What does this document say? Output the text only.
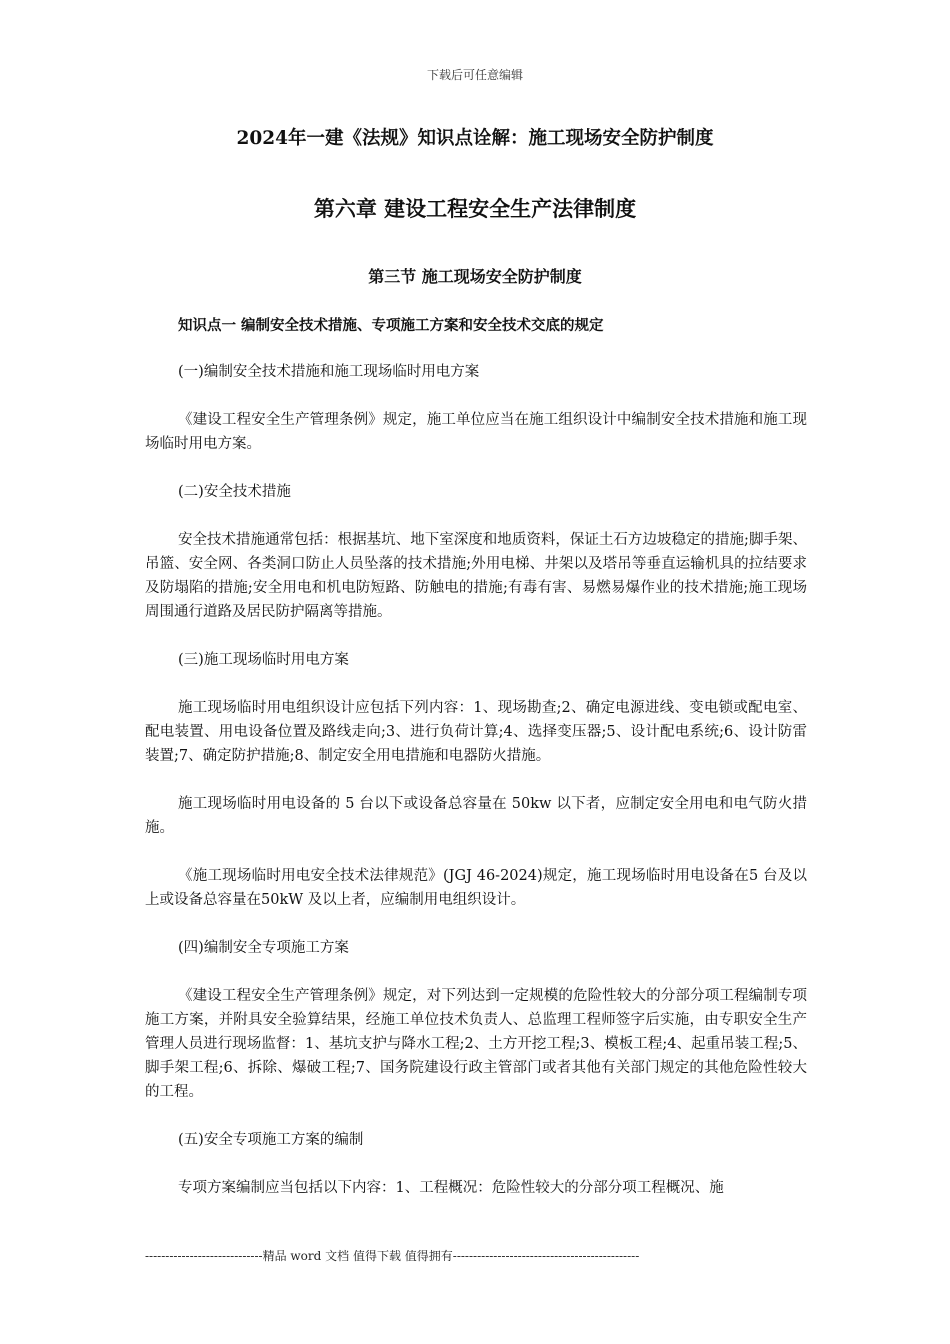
下载后可任意编辑
2024年一建《法规》知识点诠解：施工现场安全防护制度
第六章 建设工程安全生产法律制度
第三节 施工现场安全防护制度
知识点一 编制安全技术措施、专项施工方案和安全技术交底的规定

(一)编制安全技术措施和施工现场临时用电方案

《建设工程安全生产管理条例》规定，施工单位应当在施工组织设计中编制安全技术措施和施工现场临时用电方案。

(二)安全技术措施

安全技术措施通常包括：根据基坑、地下室深度和地质资料，保证土石方边坡稳定的措施;脚手架、吊篮、安全网、各类洞口防止人员坠落的技术措施;外用电梯、井架以及塔吊等垂直运输机具的拉结要求及防塌陷的措施;安全用电和机电防短路、防触电的措施;有毒有害、易燃易爆作业的技术措施;施工现场周围通行道路及居民防护隔离等措施。

(三)施工现场临时用电方案

施工现场临时用电组织设计应包括下列内容：1、现场勘查;2、确定电源进线、变电锁或配电室、配电装置、用电设备位置及路线走向;3、进行负荷计算;4、选择变压器;5、设计配电系统;6、设计防雷装置;7、确定防护措施;8、制定安全用电措施和电器防火措施。

施工现场临时用电设备的 5 台以下或设备总容量在 50kw 以下者，应制定安全用电和电气防火措施。

《施工现场临时用电安全技术法律规范》(JGJ 46-2024)规定，施工现场临时用电设备在5 台及以上或设备总容量在50kW 及以上者，应编制用电组织设计。

(四)编制安全专项施工方案

《建设工程安全生产管理条例》规定，对下列达到一定规模的危险性较大的分部分项工程编制专项施工方案，并附具安全验算结果，经施工单位技术负责人、总监理工程师签字后实施，由专职安全生产管理人员进行现场监督：1、基坑支护与降水工程;2、土方开挖工程;3、模板工程;4、起重吊装工程;5、脚手架工程;6、拆除、爆破工程;7、国务院建设行政主管部门或者其他有关部门规定的其他危险性较大的工程。

(五)安全专项施工方案的编制

专项方案编制应当包括以下内容：1、工程概况：危险性较大的分部分项工程概况、施

-----------------------------精品 word 文档 值得下载 值得拥有----------------------------------------------
